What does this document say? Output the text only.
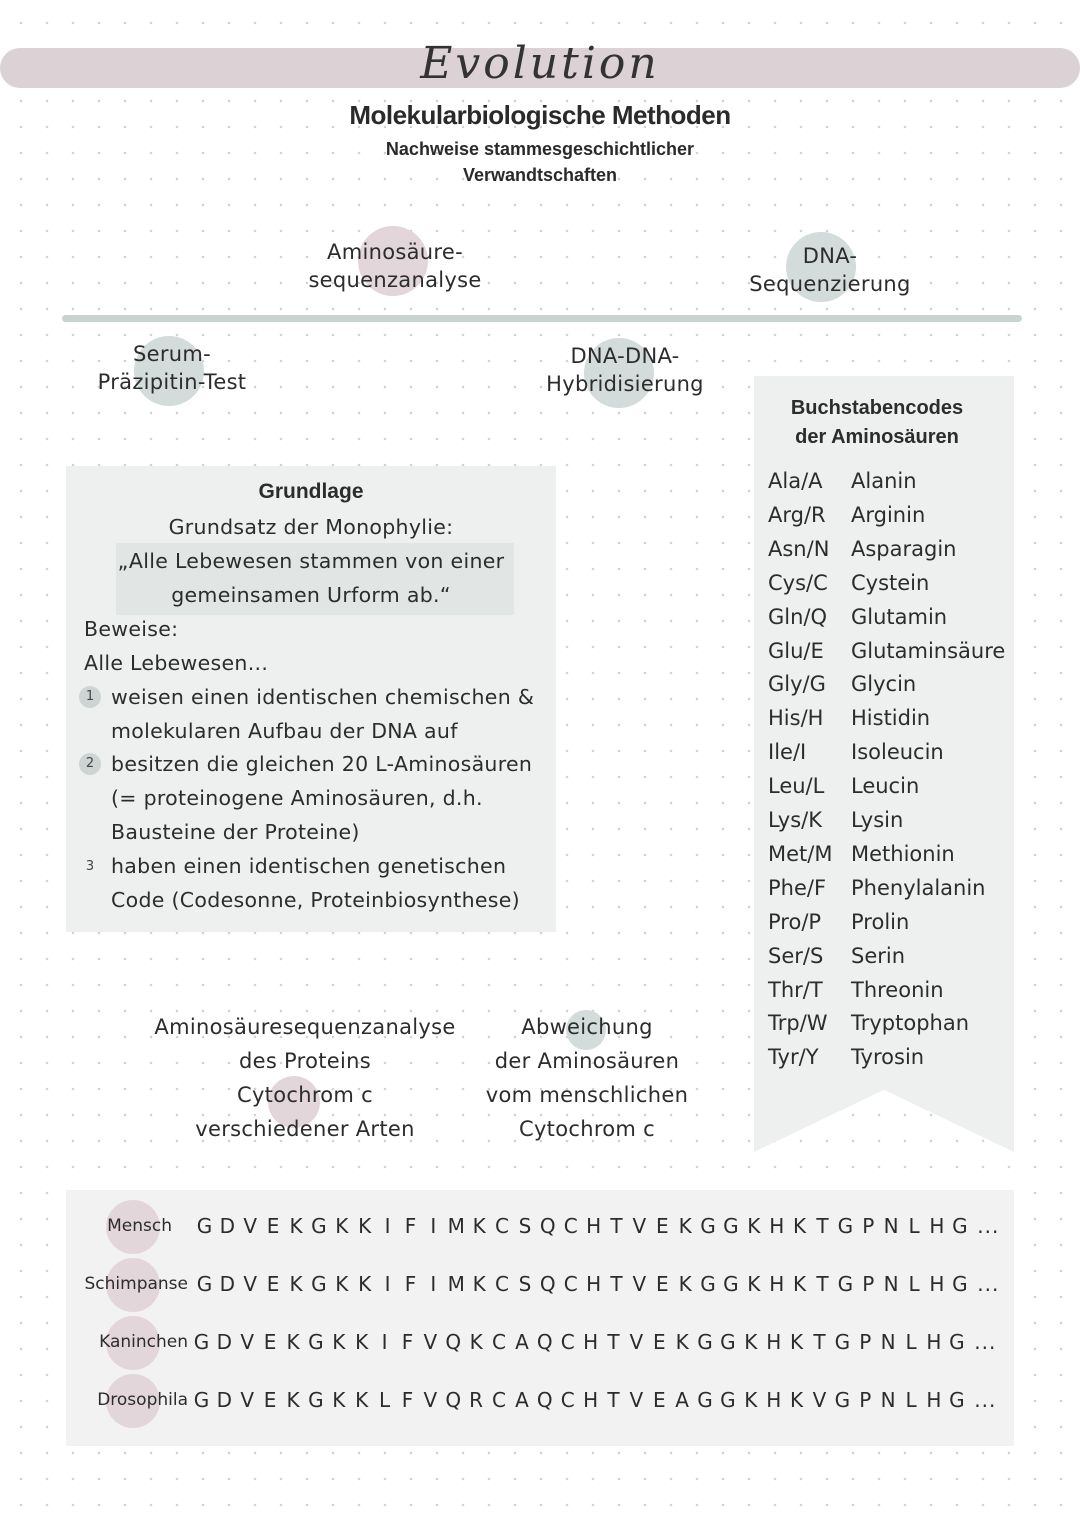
Evolution
Molekularbiologische Methoden
Nachweise stammesgeschichtlicher
Verwandtschaften
Aminosäure-
sequenzanalyse
DNA-
Sequenzierung
Serum-
Präzipitin-Test
DNA-DNA-
Hybridisierung
Grundlage
Grundsatz der Monophylie:
„Alle Lebewesen stammen von einer
gemeinsamen Urform ab.“
Beweise:
Alle Lebewesen...
1 weisen einen identischen chemischen &
molekularen Aufbau der DNA auf
2 besitzen die gleichen 20 L-Aminosäuren
(= proteinogene Aminosäuren, d.h.
Bausteine der Proteine)
3 haben einen identischen genetischen
Code (Codesonne, Proteinbiosynthese)
Buchstabencodes
der Aminosäuren
Ala/A Alanin
Arg/R Arginin
Asn/N Asparagin
Cys/C Cystein
Gln/Q Glutamin
Glu/E Glutaminsäure
Gly/G Glycin
His/H Histidin
Ile/I Isoleucin
Leu/L Leucin
Lys/K Lysin
Met/M Methionin
Phe/F Phenylalanin
Pro/P Prolin
Ser/S Serin
Thr/T Threonin
Trp/W Tryptophan
Tyr/Y Tyrosin
Aminosäuresequenzanalyse
des Proteins
Cytochrom c
verschiedener Arten
Abweichung
der Aminosäuren
vom menschlichen
Cytochrom c
Mensch G D V E K G K K I F I M K C S Q C H T V E K G G K H K T G P N L H G ...
Schimpanse G D V E K G K K I F I M K C S Q C H T V E K G G K H K T G P N L H G ...
Kaninchen G D V E K G K K I F V Q K C A Q C H T V E K G G K H K T G P N L H G ...
Drosophila G D V E K G K K L F V Q R C A Q C H T V E A G G K H K V G P N L H G ...
